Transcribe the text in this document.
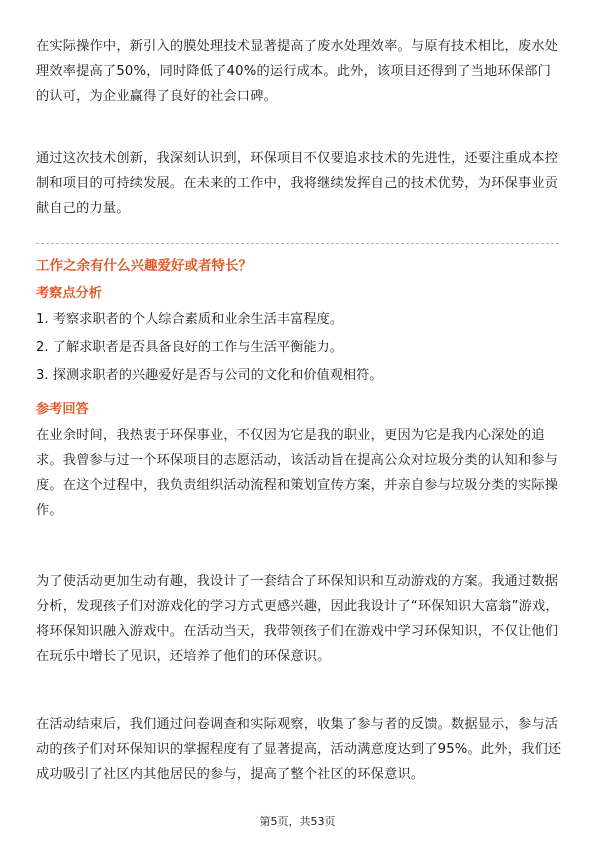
在实际操作中，新引入的膜处理技术显著提高了废水处理效率。与原有技术相比，废水处理效率提高了50%，同时降低了40%的运行成本。此外，该项目还得到了当地环保部门的认可，为企业赢得了良好的社会口碑。

通过这次技术创新，我深刻认识到，环保项目不仅要追求技术的先进性，还要注重成本控制和项目的可持续发展。在未来的工作中，我将继续发挥自己的技术优势，为环保事业贡献自己的力量。

工作之余有什么兴趣爱好或者特长？

考察点分析

1. 考察求职者的个人综合素质和业余生活丰富程度。

2. 了解求职者是否具备良好的工作与生活平衡能力。

3. 探测求职者的兴趣爱好是否与公司的文化和价值观相符。

参考回答

在业余时间，我热衷于环保事业，不仅因为它是我的职业，更因为它是我内心深处的追求。我曾参与过一个环保项目的志愿活动，该活动旨在提高公众对垃圾分类的认知和参与度。在这个过程中，我负责组织活动流程和策划宣传方案，并亲自参与垃圾分类的实际操作。

为了使活动更加生动有趣，我设计了一套结合了环保知识和互动游戏的方案。我通过数据分析，发现孩子们对游戏化的学习方式更感兴趣，因此我设计了“环保知识大富翁”游戏，将环保知识融入游戏中。在活动当天，我带领孩子们在游戏中学习环保知识，不仅让他们在玩乐中增长了见识，还培养了他们的环保意识。

在活动结束后，我们通过问卷调查和实际观察，收集了参与者的反馈。数据显示，参与活动的孩子们对环保知识的掌握程度有了显著提高，活动满意度达到了95%。此外，我们还成功吸引了社区内其他居民的参与，提高了整个社区的环保意识。

第5页，共53页
